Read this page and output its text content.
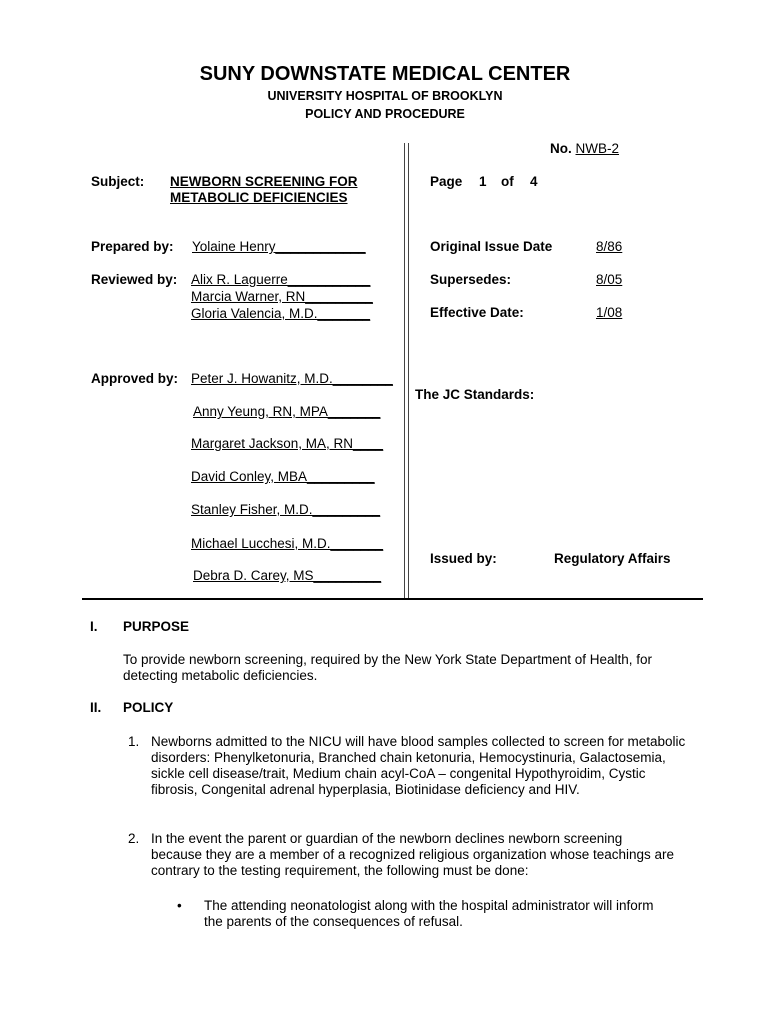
SUNY DOWNSTATE MEDICAL CENTER
UNIVERSITY HOSPITAL OF BROOKLYN
POLICY AND PROCEDURE
No. NWB-2
Subject: NEWBORN SCREENING FOR
METABOLIC DEFICIENCIES
Page 1 of 4
Prepared by: Yolaine Henry____________	Original Issue Date	8/86
Reviewed by: Alix R. Laguerre___________
Marcia Warner, RN_________
Gloria Valencia, M.D._______
Supersedes:	8/05
Effective Date:	1/08
Approved by: Peter J. Howanitz, M.D.________
Anny Yeung, RN, MPA_______
Margaret Jackson, MA, RN____
David Conley, MBA_________
Stanley Fisher, M.D._________
Michael Lucchesi, M.D._______
Debra D. Carey, MS_________
The JC Standards:
Issued by:	Regulatory Affairs
I. PURPOSE
To provide newborn screening, required by the New York State Department of Health, for detecting metabolic deficiencies.
II. POLICY
1. Newborns admitted to the NICU will have blood samples collected to screen for metabolic disorders: Phenylketonuria, Branched chain ketonuria, Hemocystinuria, Galactosemia, sickle cell disease/trait, Medium chain acyl-CoA – congenital Hypothyroidim, Cystic fibrosis, Congenital adrenal hyperplasia, Biotinidase deficiency and HIV.
2. In the event the parent or guardian of the newborn declines newborn screening because they are a member of a recognized religious organization whose teachings are contrary to the testing requirement, the following must be done:
• The attending neonatologist along with the hospital administrator will inform the parents of the consequences of refusal.
